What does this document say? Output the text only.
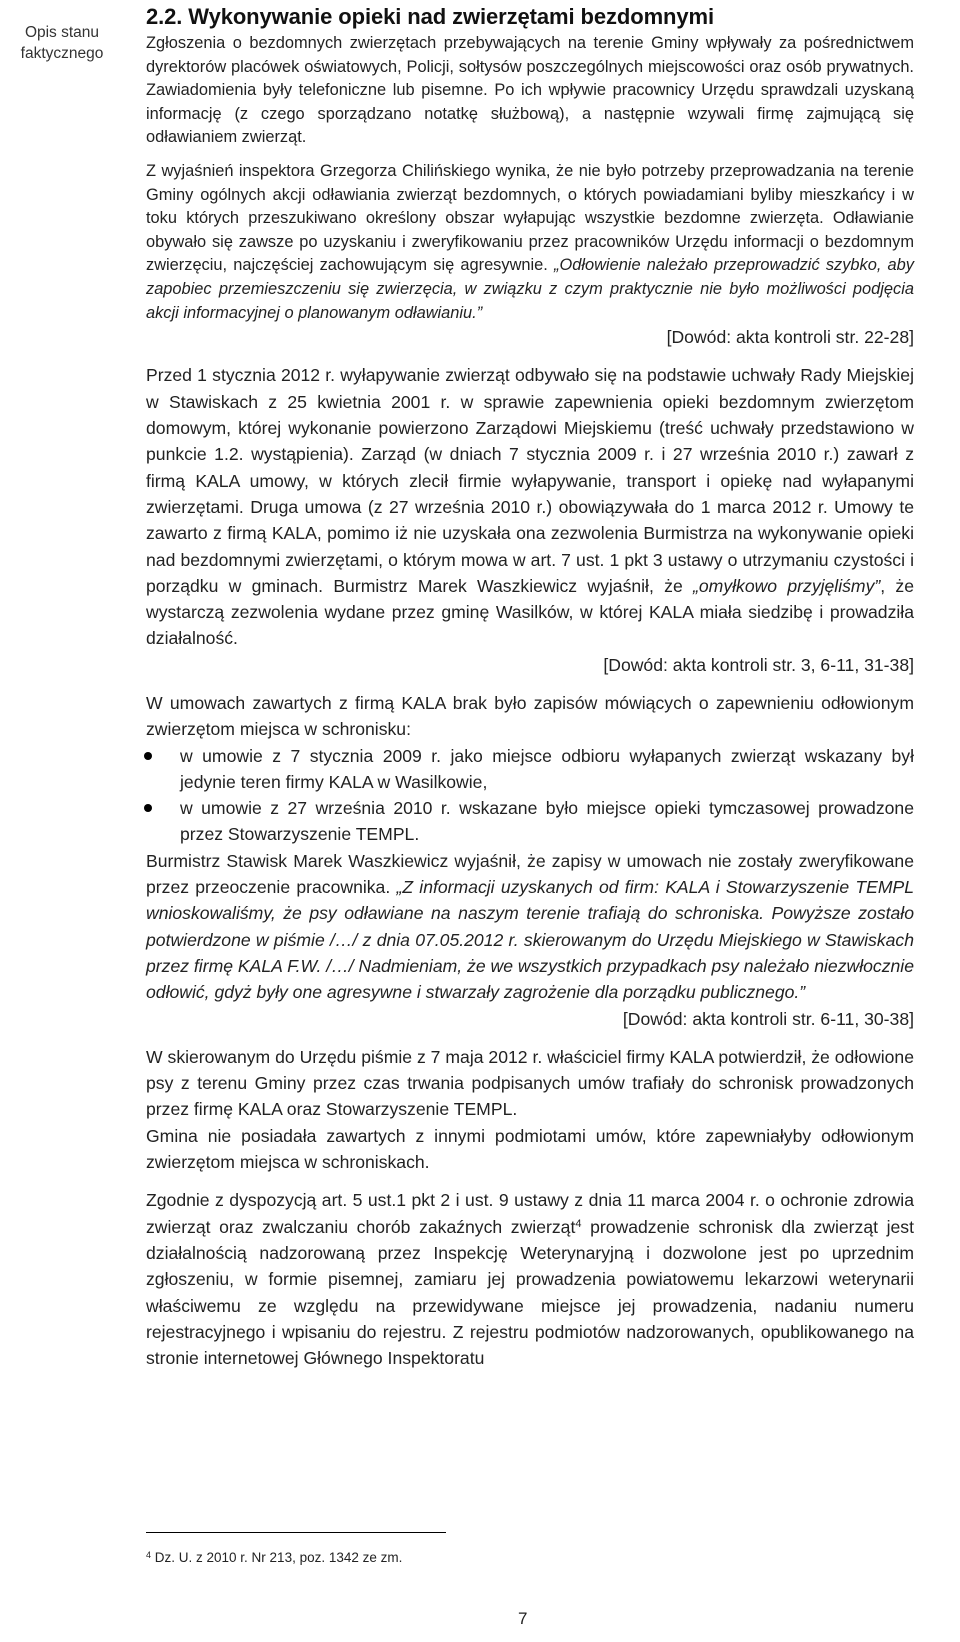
Opis stanu
faktycznego
2.2. Wykonywanie opieki nad zwierzętami bezdomnymi

Zgłoszenia o bezdomnych zwierzętach przebywających na terenie Gminy wpływały za pośrednictwem dyrektorów placówek oświatowych, Policji, sołtysów poszczególnych miejscowości oraz osób prywatnych. Zawiadomienia były telefoniczne lub pisemne. Po ich wpływie pracownicy Urzędu sprawdzali uzyskaną informację (z czego sporządzano notatkę służbową), a następnie wzywali firmę zajmującą się odławianiem zwierząt.

Z wyjaśnień inspektora Grzegorza Chilińskiego wynika, że nie było potrzeby przeprowadzania na terenie Gminy ogólnych akcji odławiania zwierząt bezdomnych, o których powiadamiani byliby mieszkańcy i w toku których przeszukiwano określony obszar wyłapując wszystkie bezdomne zwierzęta. Odławianie obywało się zawsze po uzyskaniu i zweryfikowaniu przez pracowników Urzędu informacji o bezdomnym zwierzęciu, najczęściej zachowującym się agresywnie. „Odłowienie należało przeprowadzić szybko, aby zapobiec przemieszczeniu się zwierzęcia, w związku z czym praktycznie nie było możliwości podjęcia akcji informacyjnej o planowanym odławianiu.”

[Dowód: akta kontroli str. 22-28]

Przed 1 stycznia 2012 r. wyłapywanie zwierząt odbywało się na podstawie uchwały Rady Miejskiej w Stawiskach z 25 kwietnia 2001 r. w sprawie zapewnienia opieki bezdomnym zwierzętom domowym, której wykonanie powierzono Zarządowi Miejskiemu (treść uchwały przedstawiono w punkcie 1.2. wystąpienia). Zarząd (w dniach 7 stycznia 2009 r. i 27 września 2010 r.) zawarł z firmą KALA umowy, w których zlecił firmie wyłapywanie, transport i opiekę nad wyłapanymi zwierzętami. Druga umowa (z 27 września 2010 r.) obowiązywała do 1 marca 2012 r. Umowy te zawarto z firmą KALA, pomimo iż nie uzyskała ona zezwolenia Burmistrza na wykonywanie opieki nad bezdomnymi zwierzętami, o którym mowa w art. 7 ust. 1 pkt 3 ustawy o utrzymaniu czystości i porządku w gminach. Burmistrz Marek Waszkiewicz wyjaśnił, że „omyłkowo przyjęliśmy”, że wystarczą zezwolenia wydane przez gminę Wasilków, w której KALA miała siedzibę i prowadziła działalność.

[Dowód: akta kontroli str. 3, 6-11, 31-38]

W umowach zawartych z firmą KALA brak było zapisów mówiących o zapewnieniu odłowionym zwierzętom miejsca w schronisku:

w umowie z 7 stycznia 2009 r. jako miejsce odbioru wyłapanych zwierząt wskazany był jedynie teren firmy KALA w Wasilkowie,
w umowie z 27 września 2010 r. wskazane było miejsce opieki tymczasowej prowadzone przez Stowarzyszenie TEMPL.

Burmistrz Stawisk Marek Waszkiewicz wyjaśnił, że zapisy w umowach nie zostały zweryfikowane przez przeoczenie pracownika. „Z informacji uzyskanych od firm: KALA i Stowarzyszenie TEMPL wnioskowaliśmy, że psy odławiane na naszym terenie trafiają do schroniska. Powyższe zostało potwierdzone w piśmie /…/ z dnia 07.05.2012 r. skierowanym do Urzędu Miejskiego w Stawiskach przez firmę KALA F.W. /…/ Nadmieniam, że we wszystkich przypadkach psy należało niezwłocznie odłowić, gdyż były one agresywne i stwarzały zagrożenie dla porządku publicznego.”

[Dowód: akta kontroli str. 6-11, 30-38]

W skierowanym do Urzędu piśmie z 7 maja 2012 r. właściciel firmy KALA potwierdził, że odłowione psy z terenu Gminy przez czas trwania podpisanych umów trafiały do schronisk prowadzonych przez firmę KALA oraz Stowarzyszenie TEMPL.

Gmina nie posiadała zawartych z innymi podmiotami umów, które zapewniałyby odłowionym zwierzętom miejsca w schroniskach.

Zgodnie z dyspozycją art. 5 ust.1 pkt 2 i ust. 9 ustawy z dnia 11 marca 2004 r. o ochronie zdrowia zwierząt oraz zwalczaniu chorób zakaźnych zwierząt$^4$ prowadzenie schronisk dla zwierząt jest działalnością nadzorowaną przez Inspekcję Weterynaryjną i dozwolone jest po uprzednim zgłoszeniu, w formie pisemnej, zamiaru jej prowadzenia powiatowemu lekarzowi weterynarii właściwemu ze względu na przewidywane miejsce jej prowadzenia, nadaniu numeru rejestracyjnego i wpisaniu do rejestru. Z rejestru podmiotów nadzorowanych, opublikowanego na stronie internetowej Głównego Inspektoratu

$^4$ Dz. U. z 2010 r. Nr 213, poz. 1342 ze zm.
7
